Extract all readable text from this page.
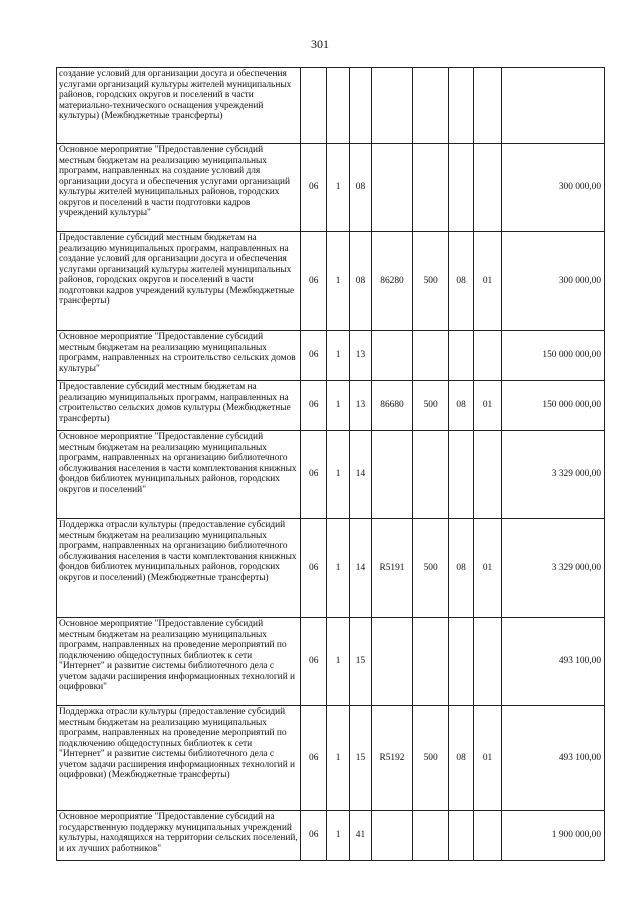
301
создание условий для организации досуга и обеспечения услугами организаций культуры жителей муниципальных районов, городских округов и поселений в части материально-технического оснащения учреждений культуры) (Межбюджетные трансферты)								
Основное мероприятие "Предоставление субсидий местным бюджетам на реализацию муниципальных программ, направленных на создание условий для организации досуга и обеспечения услугами организаций культуры жителей муниципальных районов, городских округов и поселений в части подготовки кадров учреждений культуры"	06	1	08					300 000,00
Предоставление субсидий местным бюджетам на реализацию муниципальных программ, направленных на создание условий для организации досуга и обеспечения услугами организаций культуры жителей муниципальных районов, городских округов и поселений в части подготовки кадров учреждений культуры (Межбюджетные трансферты)	06	1	08	86280	500	08	01	300 000,00
Основное мероприятие "Предоставление субсидий местным бюджетам на реализацию муниципальных программ, направленных на строительство сельских домов культуры"	06	1	13					150 000 000,00
Предоставление субсидий местным бюджетам на реализацию муниципальных программ, направленных на строительство сельских домов культуры (Межбюджетные трансферты)	06	1	13	86680	500	08	01	150 000 000,00
Основное мероприятие "Предоставление субсидий местным бюджетам на реализацию муниципальных программ, направленных на организацию библиотечного обслуживания населения в части комплектования книжных фондов библиотек муниципальных районов, городских округов и поселений"	06	1	14					3 329 000,00
Поддержка отрасли культуры (предоставление субсидий местным бюджетам на реализацию муниципальных программ, направленных на организацию библиотечного обслуживания населения в части комплектования книжных фондов библиотек муниципальных районов, городских округов и поселений) (Межбюджетные трансферты)	06	1	14	R5191	500	08	01	3 329 000,00
Основное мероприятие "Предоставление субсидий местным бюджетам на реализацию муниципальных программ, направленных на проведение мероприятий по подключению общедоступных библиотек к сети "Интернет" и развитие системы библиотечного дела с учетом задачи расширения информационных технологий и оцифровки"	06	1	15					493 100,00
Поддержка отрасли культуры (предоставление субсидий местным бюджетам на реализацию муниципальных программ, направленных на проведение мероприятий по подключению общедоступных библиотек к сети "Интернет" и развитие системы библиотечного дела с учетом задачи расширения информационных технологий и оцифровки) (Межбюджетные трансферты)	06	1	15	R5192	500	08	01	493 100,00
Основное мероприятие "Предоставление субсидий на государственную поддержку муниципальных учреждений культуры, находящихся на территории сельских поселений, и их лучших работников"	06	1	41					1 900 000,00
